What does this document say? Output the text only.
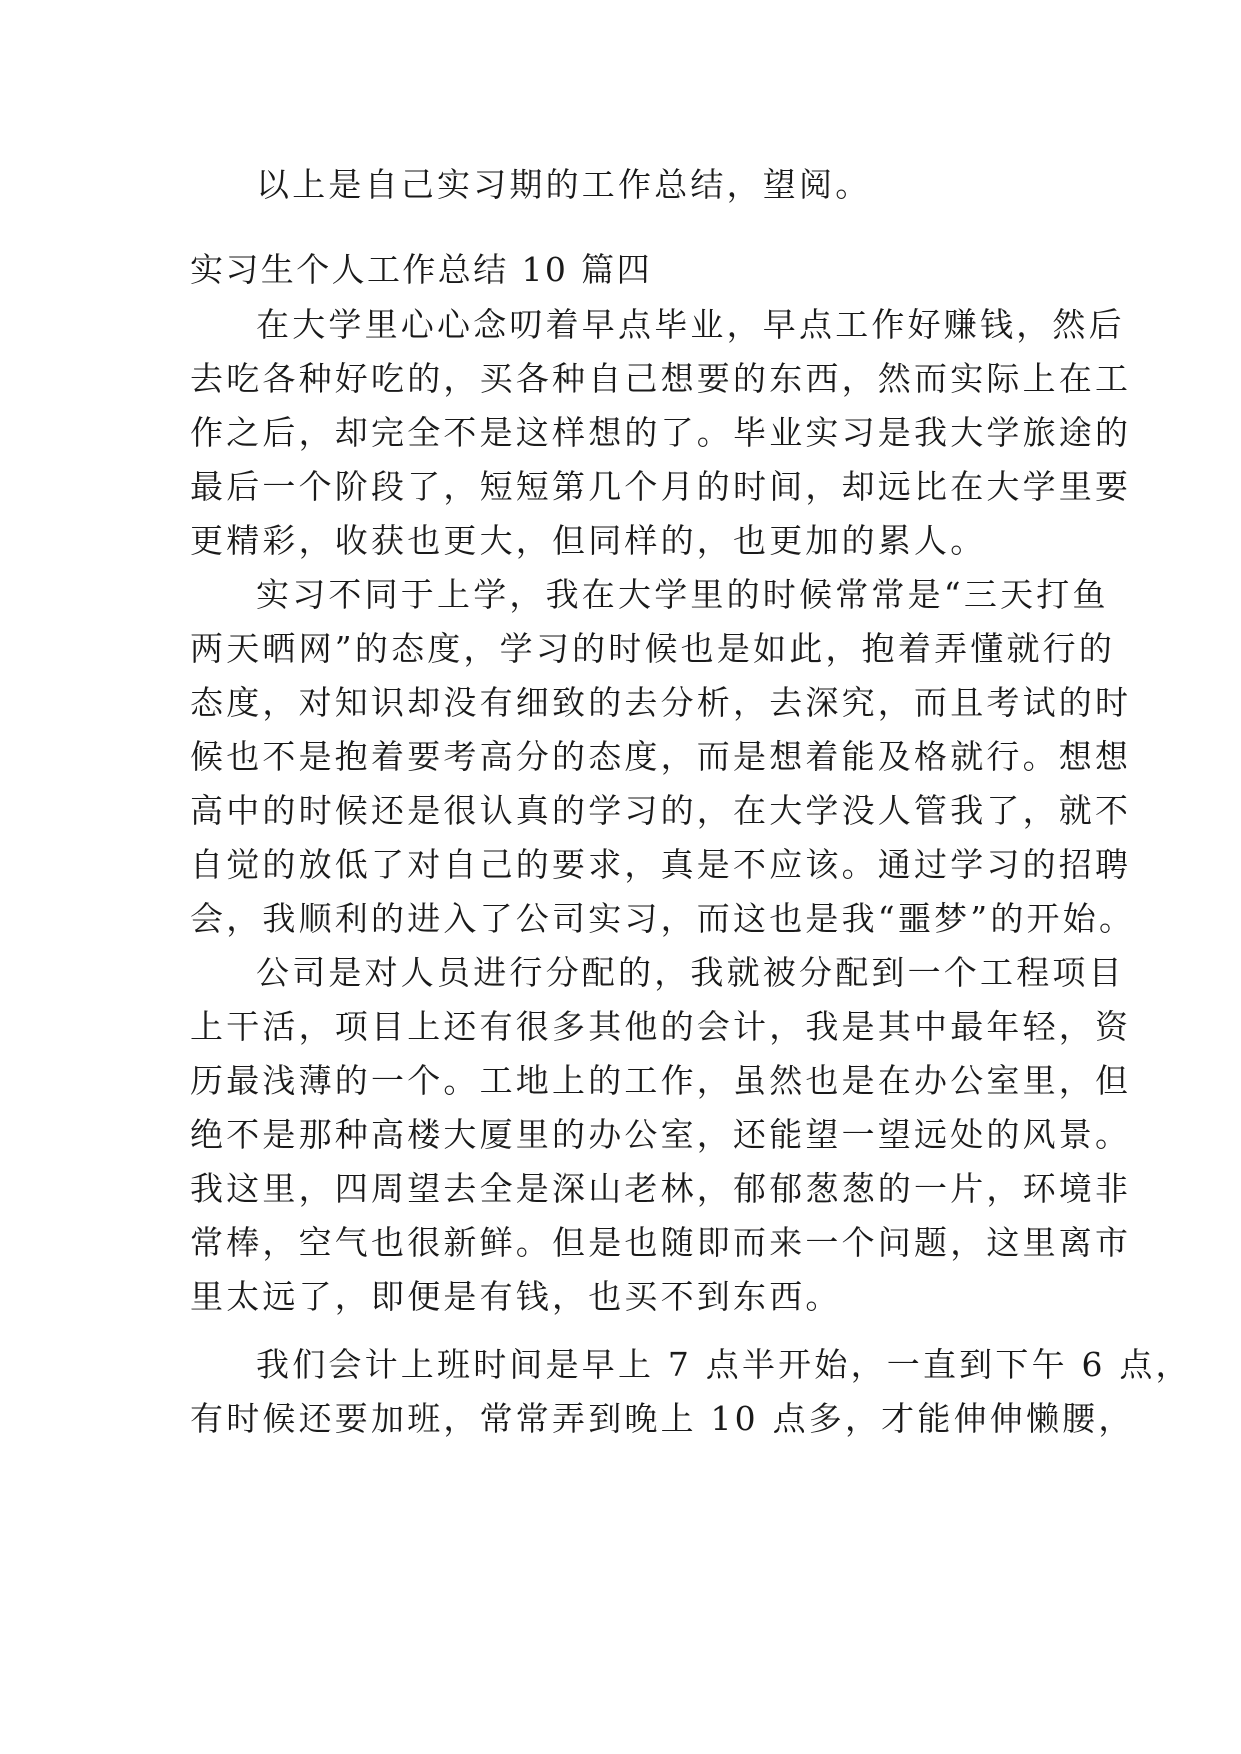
以上是自己实习期的工作总结，望阅。
实习生个人工作总结 10 篇四
在大学里心心念叨着早点毕业，早点工作好赚钱，然后
去吃各种好吃的，买各种自己想要的东西，然而实际上在工
作之后，却完全不是这样想的了。毕业实习是我大学旅途的
最后一个阶段了，短短第几个月的时间，却远比在大学里要
更精彩，收获也更大，但同样的，也更加的累人。
实习不同于上学，我在大学里的时候常常是“三天打鱼
两天晒网”的态度，学习的时候也是如此，抱着弄懂就行的
态度，对知识却没有细致的去分析，去深究，而且考试的时
候也不是抱着要考高分的态度，而是想着能及格就行。想想
高中的时候还是很认真的学习的，在大学没人管我了，就不
自觉的放低了对自己的要求，真是不应该。通过学习的招聘
会，我顺利的进入了公司实习，而这也是我“噩梦”的开始。
公司是对人员进行分配的，我就被分配到一个工程项目
上干活，项目上还有很多其他的会计，我是其中最年轻，资
历最浅薄的一个。工地上的工作，虽然也是在办公室里，但
绝不是那种高楼大厦里的办公室，还能望一望远处的风景。
我这里，四周望去全是深山老林，郁郁葱葱的一片，环境非
常棒，空气也很新鲜。但是也随即而来一个问题，这里离市
里太远了，即便是有钱，也买不到东西。
我们会计上班时间是早上 7 点半开始，一直到下午 6 点，
有时候还要加班，常常弄到晚上 10 点多，才能伸伸懒腰，
